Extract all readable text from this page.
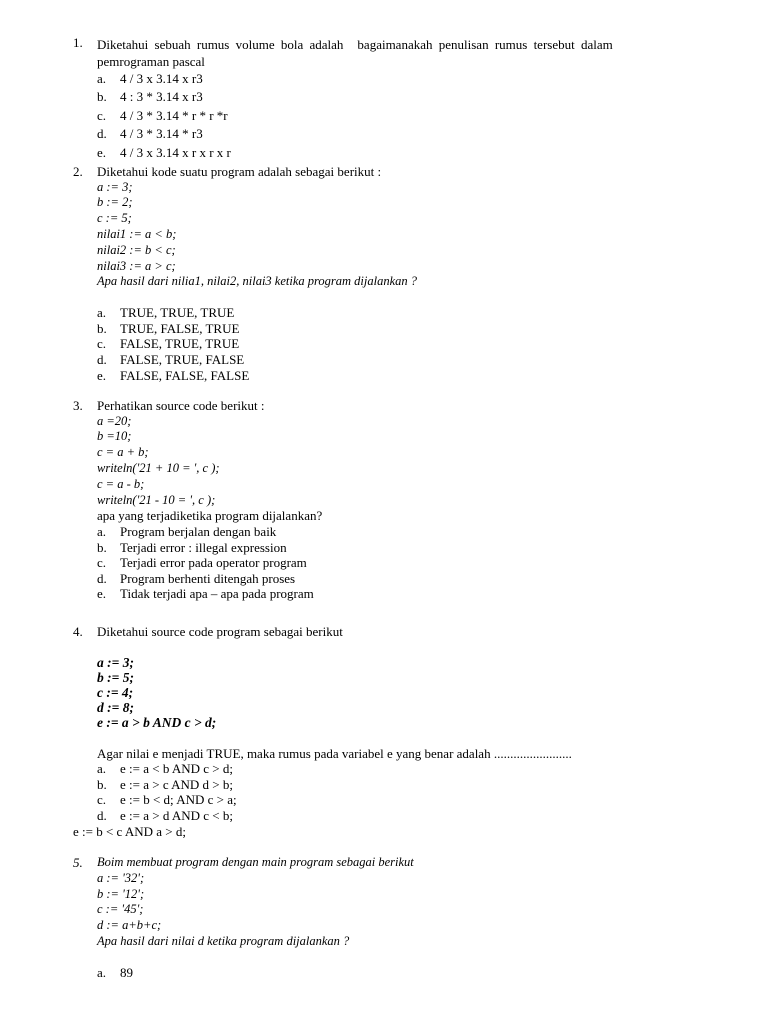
1. Diketahui sebuah rumus volume bola adalah bagaimanakah penulisan rumus tersebut dalam
pemrograman pascal
a. 4 / 3 x 3.14 x r3
b. 4 : 3 * 3.14 x r3
c. 4 / 3 * 3.14 * r * r *r
d. 4 / 3 * 3.14 * r3
e. 4 / 3 x 3.14 x r x r x r
2. Diketahui kode suatu program adalah sebagai berikut :
a := 3;
b := 2;
c := 5;
nilai1 := a < b;
nilai2 := b < c;
nilai3 := a > c;
Apa hasil dari nilia1, nilai2, nilai3 ketika program dijalankan ?
a. TRUE, TRUE, TRUE
b. TRUE, FALSE, TRUE
c. FALSE, TRUE, TRUE
d. FALSE, TRUE, FALSE
e. FALSE, FALSE, FALSE
3. Perhatikan source code berikut :
a =20;
b =10;
c = a + b;
writeln('21 + 10 = ', c );
c = a - b;
writeln('21 - 10 = ', c );
apa yang terjadiketika program dijalankan?
a. Program berjalan dengan baik
b. Terjadi error : illegal expression
c. Terjadi error pada operator program
d. Program berhenti ditengah proses
e. Tidak terjadi apa – apa pada program
4. Diketahui source code program sebagai berikut
a := 3;
b := 5;
c := 4;
d := 8;
e := a > b AND c > d;
Agar nilai e menjadi TRUE, maka rumus pada variabel e yang benar adalah ........................
a. e := a < b AND c > d;
b. e := a > c AND d > b;
c. e := b < d; AND c > a;
d. e := a > d AND c < b;
e := b < c AND a > d;
5. Boim membuat program dengan main program sebagai berikut
a := '32';
b := '12';
c := '45';
d := a+b+c;
Apa hasil dari nilai d ketika program dijalankan ?
a. 89
